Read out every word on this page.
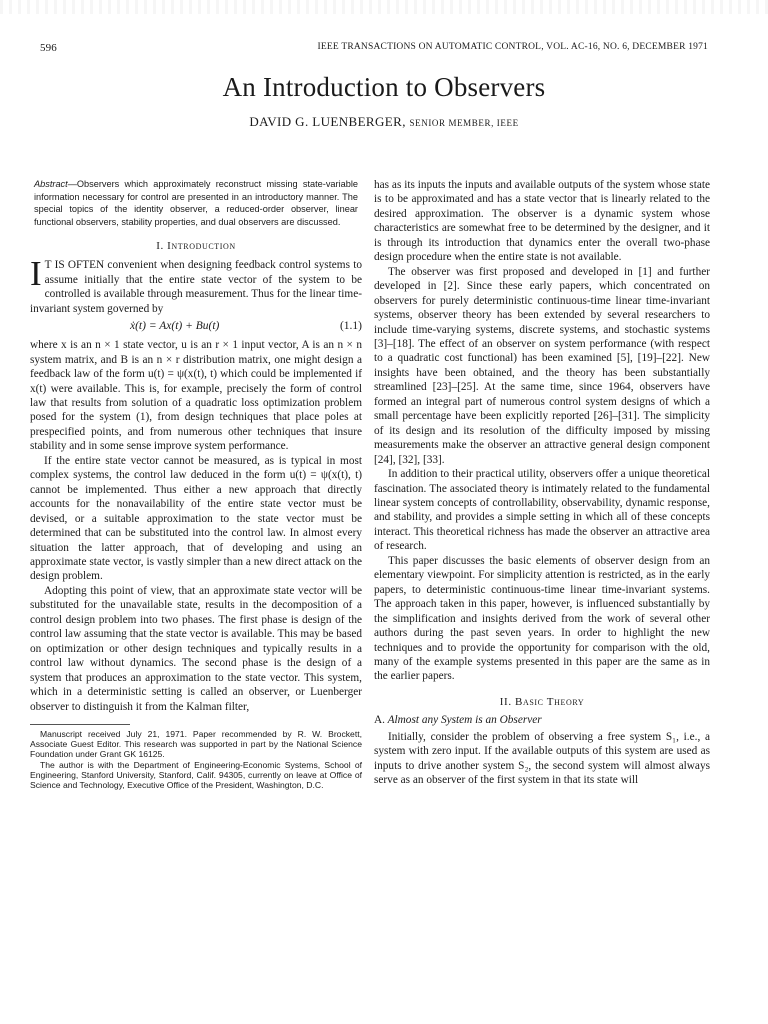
596	IEEE TRANSACTIONS ON AUTOMATIC CONTROL, VOL. AC-16, NO. 6, DECEMBER 1971
An Introduction to Observers
DAVID G. LUENBERGER, SENIOR MEMBER, IEEE
Abstract—Observers which approximately reconstruct missing state-variable information necessary for control are presented in an introductory manner. The special topics of the identity observer, a reduced-order observer, linear functional observers, stability properties, and dual observers are discussed.
I. Introduction

I T IS OFTEN convenient when designing feedback control systems to assume initially that the entire state vector of the system to be controlled is available through measurement. Thus for the linear time-invariant system governed by

ẋ(t) = Ax(t) + Bu(t)	(1.1)

where x is an n × 1 state vector, u is an r × 1 input vector, A is an n × n system matrix, and B is an n × r distribution matrix, one might design a feedback law of the form u(t) = ψ(x(t), t) which could be implemented if x(t) were available. This is, for example, precisely the form of control law that results from solution of a quadratic loss optimization problem posed for the system (1), from design techniques that place poles at prespecified points, and from numerous other techniques that insure stability and in some sense improve system performance.

If the entire state vector cannot be measured, as is typical in most complex systems, the control law deduced in the form u(t) = ψ(x(t), t) cannot be implemented. Thus either a new approach that directly accounts for the nonavailability of the entire state vector must be devised, or a suitable approximation to the state vector must be determined that can be substituted into the control law. In almost every situation the latter approach, that of developing and using an approximate state vector, is vastly simpler than a new direct attack on the design problem.

Adopting this point of view, that an approximate state vector will be substituted for the unavailable state, results in the decomposition of a control design problem into two phases. The first phase is design of the control law assuming that the state vector is available. This may be based on optimization or other design techniques and typically results in a control law without dynamics. The second phase is the design of a system that produces an approximation to the state vector. This system, which in a deterministic setting is called an observer, or Luenberger observer to distinguish it from the Kalman filter,

Manuscript received July 21, 1971. Paper recommended by R. W. Brockett, Associate Guest Editor. This research was supported in part by the National Science Foundation under Grant GK 16125.

The author is with the Department of Engineering-Economic Systems, School of Engineering, Stanford University, Stanford, Calif. 94305, currently on leave at Office of Science and Technology, Executive Office of the President, Washington, D.C.

has as its inputs the inputs and available outputs of the system whose state is to be approximated and has a state vector that is linearly related to the desired approximation. The observer is a dynamic system whose characteristics are somewhat free to be determined by the designer, and it is through its introduction that dynamics enter the overall two-phase design procedure when the entire state is not available.

The observer was first proposed and developed in [1] and further developed in [2]. Since these early papers, which concentrated on observers for purely deterministic continuous-time linear time-invariant systems, observer theory has been extended by several researchers to include time-varying systems, discrete systems, and stochastic systems [3]–[18]. The effect of an observer on system performance (with respect to a quadratic cost functional) has been examined [5], [19]–[22]. New insights have been obtained, and the theory has been substantially streamlined [23]–[25]. At the same time, since 1964, observers have formed an integral part of numerous control system designs of which a small percentage have been explicitly reported [26]–[31]. The simplicity of its design and its resolution of the difficulty imposed by missing measurements make the observer an attractive general design component [24], [32], [33].

In addition to their practical utility, observers offer a unique theoretical fascination. The associated theory is intimately related to the fundamental linear system concepts of controllability, observability, dynamic response, and stability, and provides a simple setting in which all of these concepts interact. This theoretical richness has made the observer an attractive area of research.

This paper discusses the basic elements of observer design from an elementary viewpoint. For simplicity attention is restricted, as in the early papers, to deterministic continuous-time linear time-invariant systems. The approach taken in this paper, however, is influenced substantially by the simplification and insights derived from the work of several other authors during the past seven years. In order to highlight the new techniques and to provide the opportunity for comparison with the old, many of the example systems presented in this paper are the same as in the earlier papers.

II. Basic Theory
A. Almost any System is an Observer

Initially, consider the problem of observing a free system S₁, i.e., a system with zero input. If the available outputs of this system are used as inputs to drive another system S₂, the second system will almost always serve as an observer of the first system in that its state will
